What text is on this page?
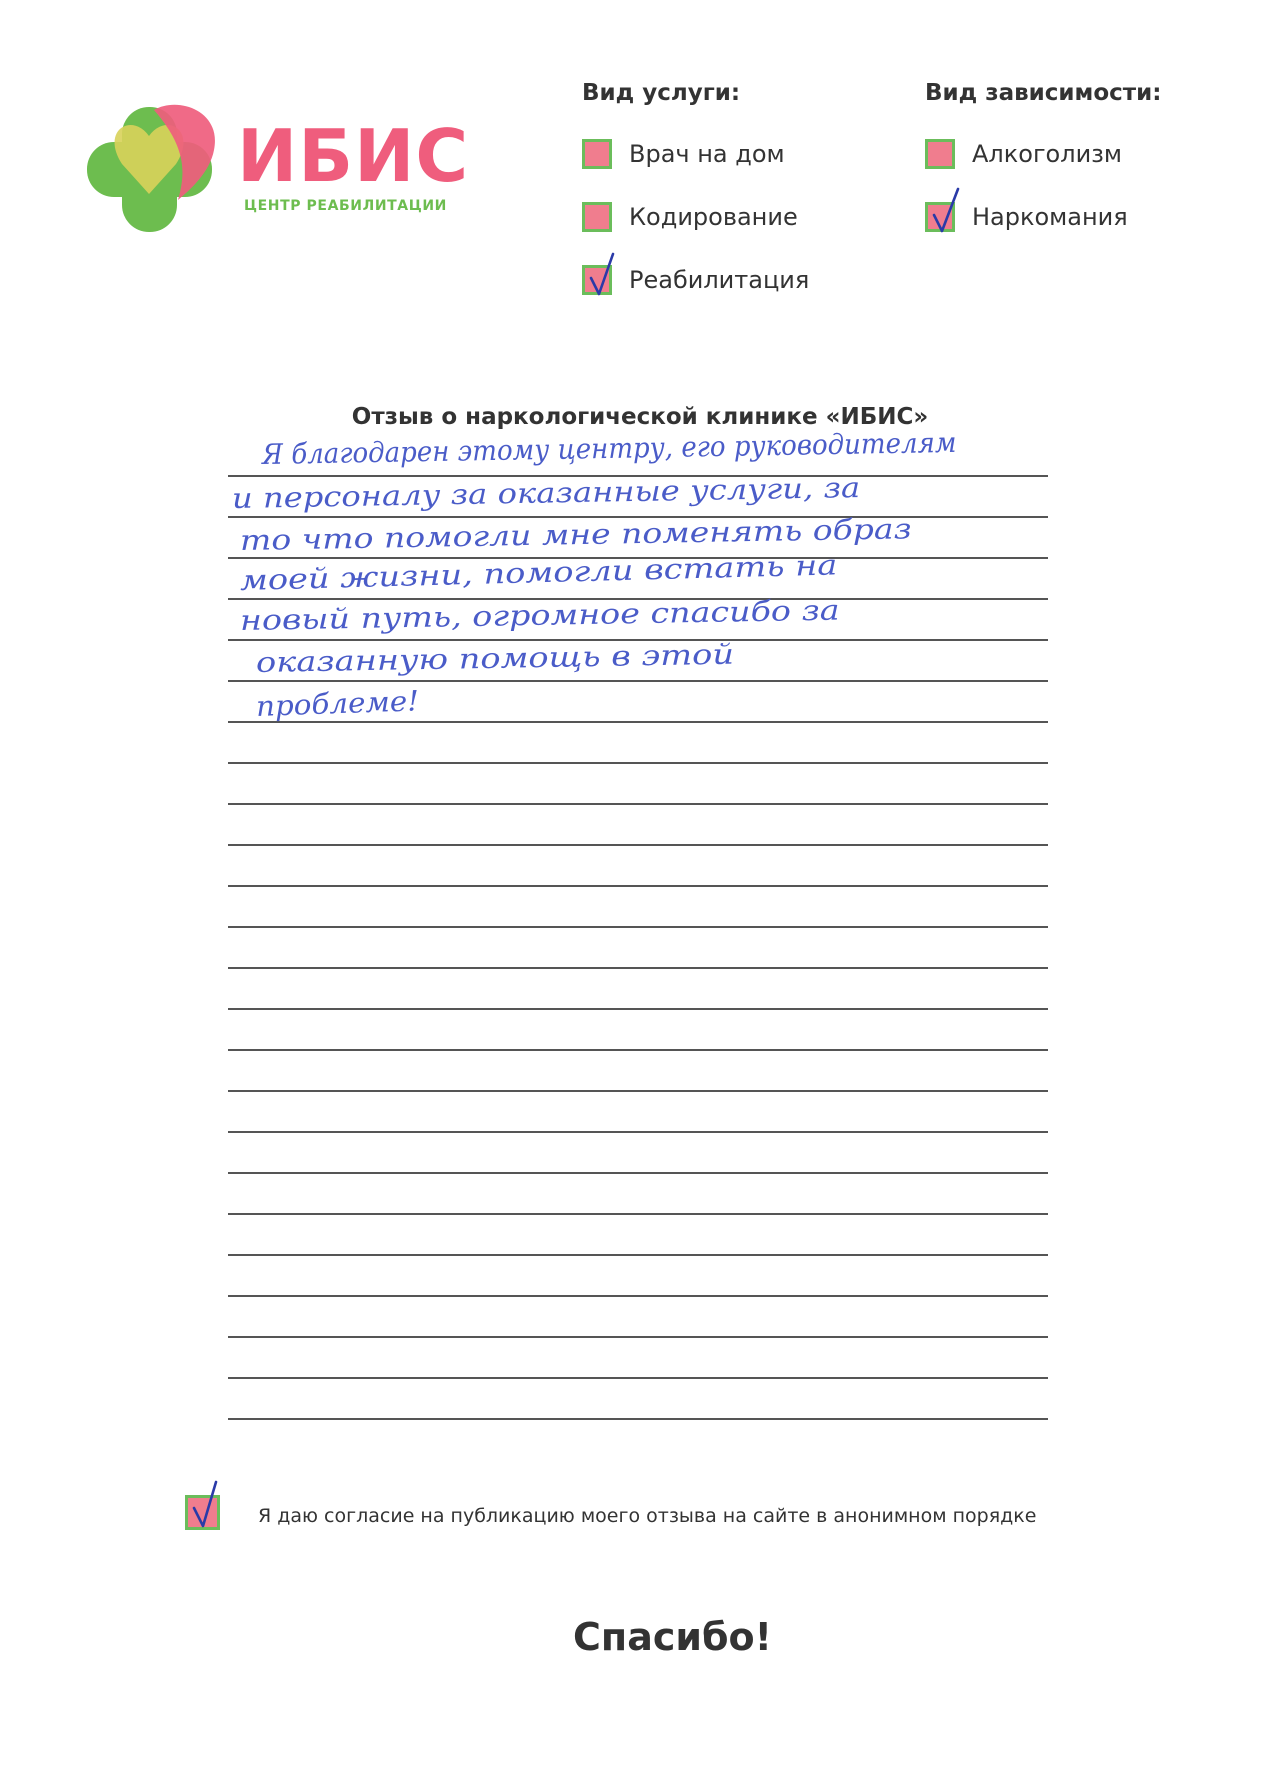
ИБИС
ЦЕНТР РЕАБИЛИТАЦИИ
Вид услуги:
Врач на дом
Кодирование
Реабилитация
Вид зависимости:
Алкоголизм
Наркомания
Отзыв о наркологической клинике «ИБИС»
Я благодарен этому центру, его руководителям
и персоналу за оказанные услуги, за
то что помогли мне поменять образ
моей жизни, помогли встать на
новый путь, огромное спасибо за
оказанную помощь в этой
проблеме!
Я даю согласие на публикацию моего отзыва на сайте в анонимном порядке
Спасибо!
